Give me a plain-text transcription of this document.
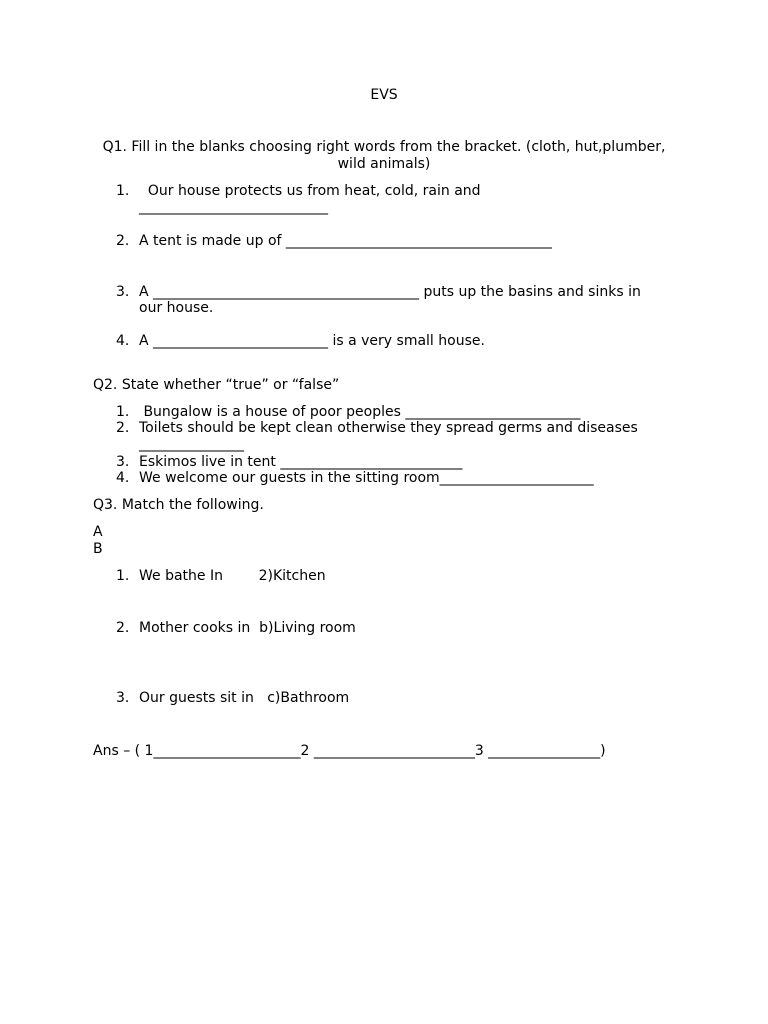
EVS
Q1. Fill in the blanks choosing right words from the bracket. (cloth, hut,plumber,
wild animals)
1. Our house protects us from heat, cold, rain and
___________________________
2. A tent is made up of ______________________________________
3. A ______________________________________ puts up the basins and sinks in
our house.
4. A _________________________ is a very small house.
Q2. State whether “true” or “false”
1. Bungalow is a house of poor peoples _________________________
2. Toilets should be kept clean otherwise they spread germs and diseases
_______________
3. Eskimos live in tent __________________________
4. We welcome our guests in the sitting room______________________
Q3. Match the following.
A
B
1. We bathe In        2)Kitchen
2. Mother cooks in  b)Living room
3. Our guests sit in   c)Bathroom
Ans – ( 1_____________________2 _______________________3 ________________)
